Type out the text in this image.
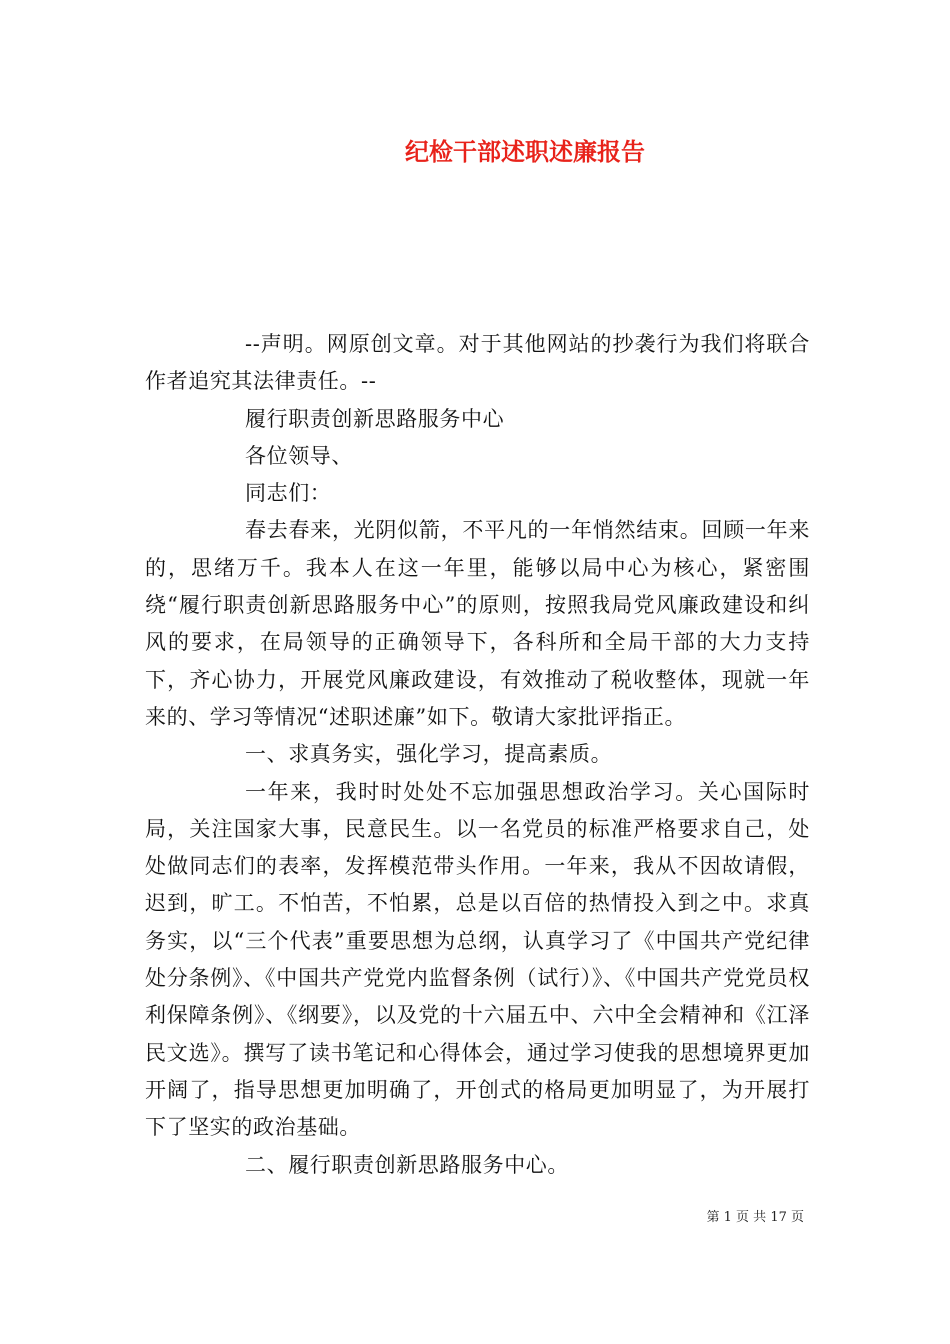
纪检干部述职述廉报告

--声明。网原创文章。对于其他网站的抄袭行为我们将联合作者追究其法律责任。--

履行职责创新思路服务中心

各位领导、

同志们：

春去春来，光阴似箭，不平凡的一年悄然结束。回顾一年来的，思绪万千。我本人在这一年里，能够以局中心为核心，紧密围绕“履行职责创新思路服务中心”的原则，按照我局党风廉政建设和纠风的要求，在局领导的正确领导下，各科所和全局干部的大力支持下，齐心协力，开展党风廉政建设，有效推动了税收整体，现就一年来的、学习等情况“述职述廉”如下。敬请大家批评指正。

一、求真务实，强化学习，提高素质。

一年来，我时时处处不忘加强思想政治学习。关心国际时局，关注国家大事，民意民生。以一名党员的标准严格要求自己，处处做同志们的表率，发挥模范带头作用。一年来，我从不因故请假，迟到，旷工。不怕苦，不怕累，总是以百倍的热情投入到之中。求真务实，以“三个代表”重要思想为总纲，认真学习了《中国共产党纪律处分条例》、《中国共产党党内监督条例（试行）》、《中国共产党党员权利保障条例》、《纲要》，以及党的十六届五中、六中全会精神和《江泽民文选》。撰写了读书笔记和心得体会，通过学习使我的思想境界更加开阔了，指导思想更加明确了，开创式的格局更加明显了，为开展打下了坚实的政治基础。

二、履行职责创新思路服务中心。

第 1 页 共 17 页
